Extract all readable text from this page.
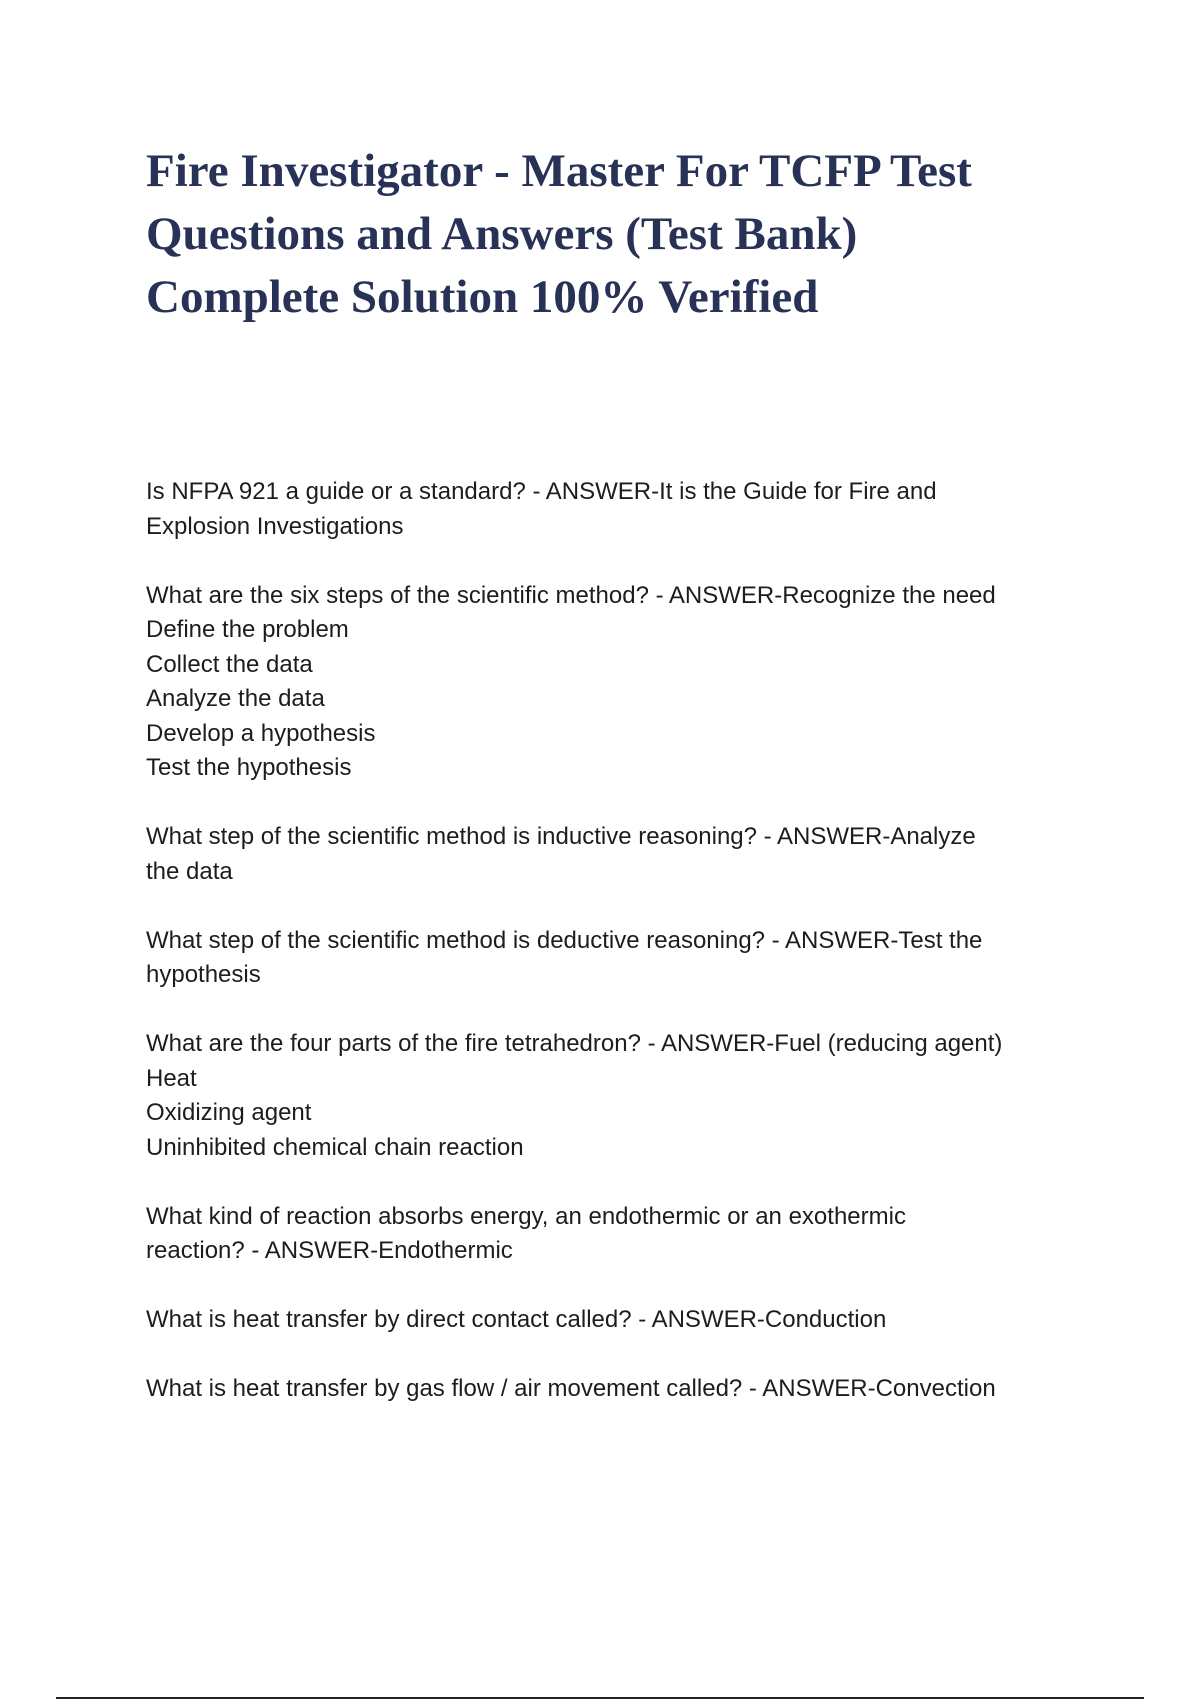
Fire Investigator - Master For TCFP Test
Questions and Answers (Test Bank)
Complete Solution 100% Verified
Is NFPA 921 a guide or a standard? - ANSWER-It is the Guide for Fire and
Explosion Investigations
What are the six steps of the scientific method? - ANSWER-Recognize the need
Define the problem
Collect the data
Analyze the data
Develop a hypothesis
Test the hypothesis
What step of the scientific method is inductive reasoning? - ANSWER-Analyze
the data
What step of the scientific method is deductive reasoning? - ANSWER-Test the
hypothesis
What are the four parts of the fire tetrahedron? - ANSWER-Fuel (reducing agent)
Heat
Oxidizing agent
Uninhibited chemical chain reaction
What kind of reaction absorbs energy, an endothermic or an exothermic
reaction? - ANSWER-Endothermic
What is heat transfer by direct contact called? - ANSWER-Conduction
What is heat transfer by gas flow / air movement called? - ANSWER-Convection
